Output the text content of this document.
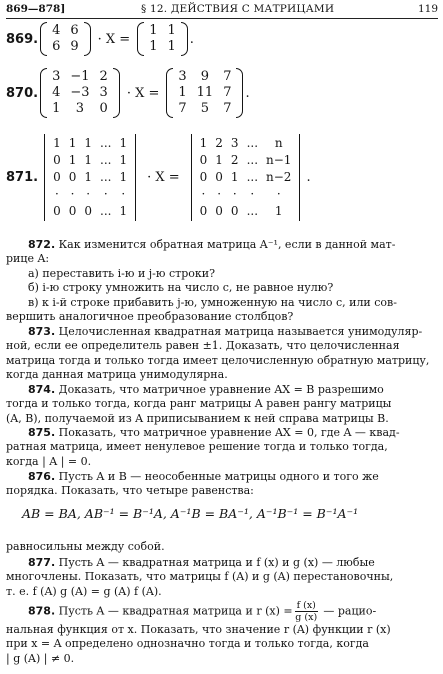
869—878]	§ 12. ДЕЙСТВИЯ С МАТРИЦАМИ	119
869.
4	6
6	9 · X =
1	1
1	1 .
870.
3	−1	2
4	−3	3
1	3	0
· X =
3	9	7
1	11	7
7	5	7
.
871.
1	1	1	...	1
0	1	1	...	1
0	0	1	...	1
·	·	·	·	·
0	0	0	...	1
· X =
1	2	3	...	n
0	1	2	...	n−1
0	0	1	...	n−2
·	·	·	·	·
0	0	0	...	1
.
872. Как изменится обратная матрица A⁻¹, если в данной мат-
рице A:
а) переставить i-ю и j-ю строки?
б) i-ю строку умножить на число c, не равное нулю?
в) к i-й строке прибавить j-ю, умноженную на число c, или сов-
вершить аналогичное преобразование столбцов?
873. Целочисленная квадратная матрица называется унимодуляр-
ной, если ее определитель равен ±1. Доказать, что целочисленная
матрица тогда и только тогда имеет целочисленную обратную матрицу,
когда данная матрица унимодулярна.
874. Доказать, что матричное уравнение AX = B разрешимо
тогда и только тогда, когда ранг матрицы A равен рангу матрицы
(A, B), получаемой из A приписыванием к ней справа матрицы B.
875. Показать, что матричное уравнение AX = 0, где A — квад-
ратная матрица, имеет ненулевое решение тогда и только тогда,
когда | A | = 0.
876. Пусть A и B — неособенные матрицы одного и того же
порядка. Показать, что четыре равенства:
AB = BA, AB⁻¹ = B⁻¹A, A⁻¹B = BA⁻¹, A⁻¹B⁻¹ = B⁻¹A⁻¹
равносильны между собой.
877. Пусть A — квадратная матрица и f (x) и g (x) — любые
многочлены. Показать, что матрицы f (A) и g (A) перестановочны,
т. е. f (A) g (A) = g (A) f (A).
878. Пусть A — квадратная матрица и r $(x) = \frac{f (x)}{g (x)}$ — рацио-
нальная функция от x. Показать, что значение r (A) функции r (x)
при x = A определено однозначно тогда и только тогда, когда
| g (A) | ≠ 0.
